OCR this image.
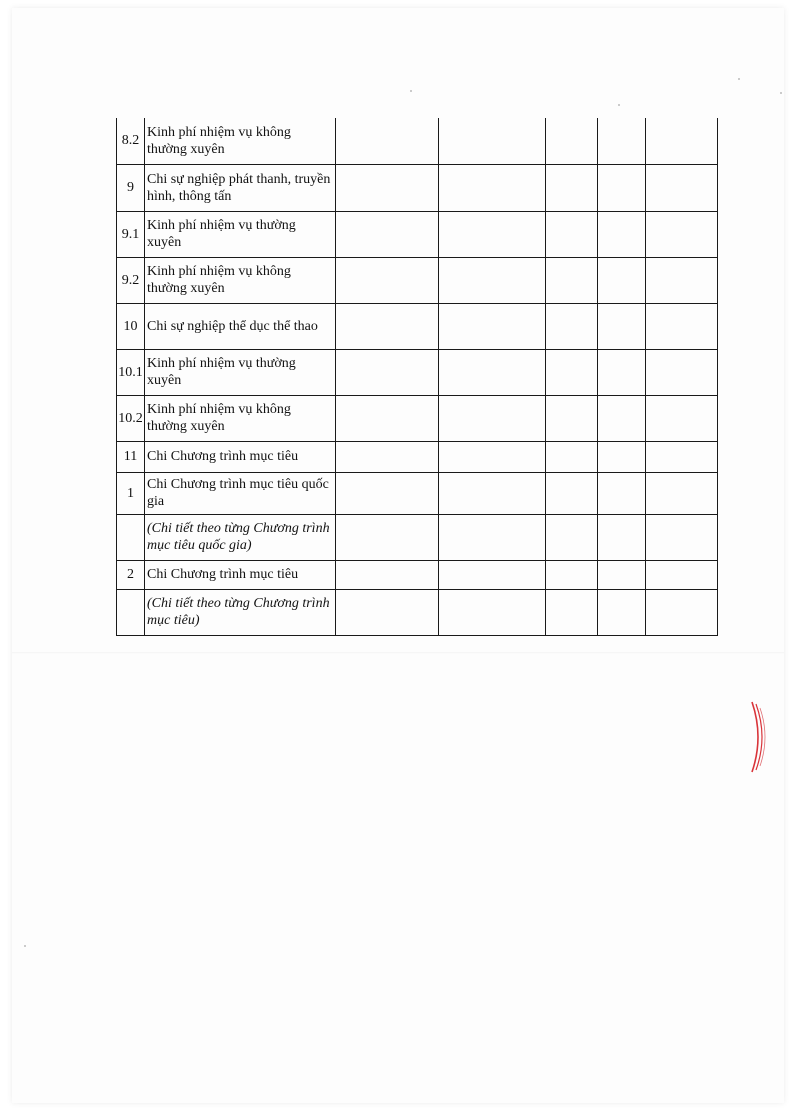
8.2	Kinh phí nhiệm vụ không thường xuyên					
9	Chi sự nghiệp phát thanh, truyền hình, thông tấn					
9.1	Kinh phí nhiệm vụ thường xuyên					
9.2	Kinh phí nhiệm vụ không thường xuyên					
10	Chi sự nghiệp thể dục thể thao					
10.1	Kinh phí nhiệm vụ thường xuyên					
10.2	Kinh phí nhiệm vụ không thường xuyên					
11	Chi Chương trình mục tiêu					
1	Chi Chương trình mục tiêu quốc gia					
	(Chi tiết theo từng Chương trình mục tiêu quốc gia)					
2	Chi Chương trình mục tiêu					
	(Chi tiết theo từng Chương trình mục tiêu)					
